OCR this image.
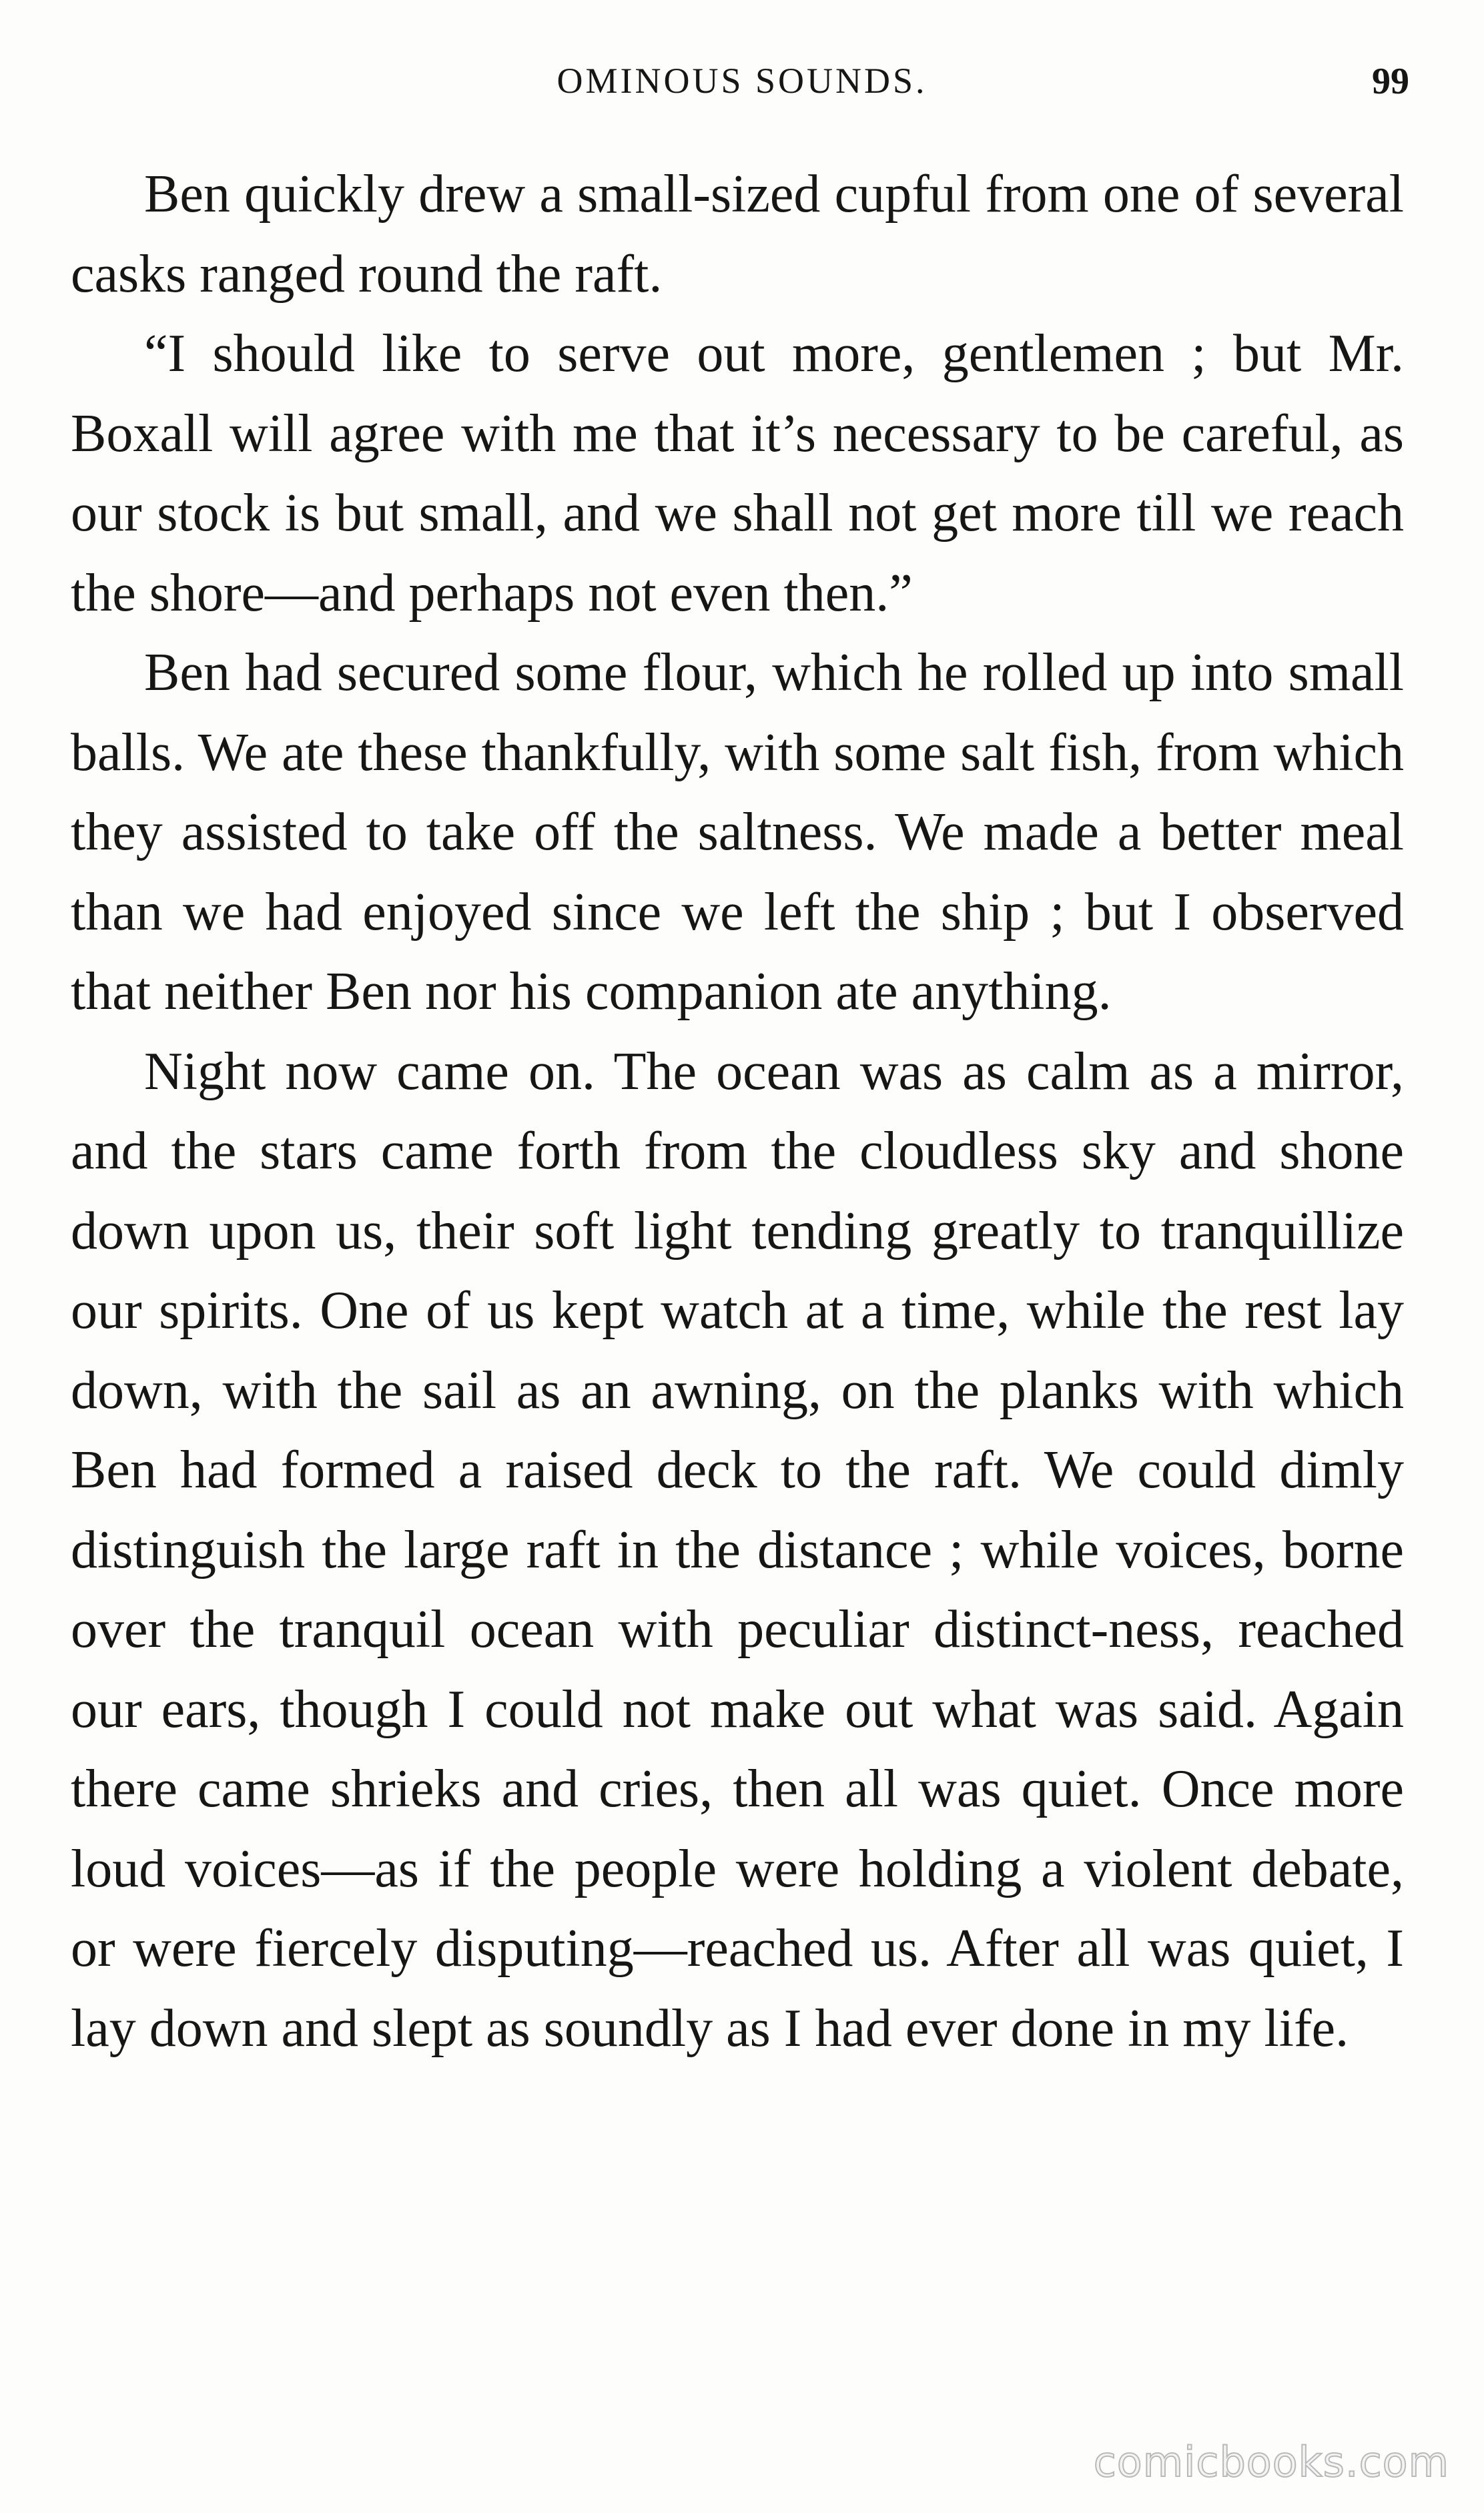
OMINOUS SOUNDS.	99

Ben quickly drew a small-sized cupful from one of several casks ranged round the raft.

“I should like to serve out more, gentlemen ; but Mr. Boxall will agree with me that it’s necessary to be careful, as our stock is but small, and we shall not get more till we reach the shore—and perhaps not even then.”

Ben had secured some flour, which he rolled up into small balls. We ate these thankfully, with some salt fish, from which they assisted to take off the saltness. We made a better meal than we had enjoyed since we left the ship ; but I observed that neither Ben nor his companion ate anything.

Night now came on. The ocean was as calm as a mirror, and the stars came forth from the cloudless sky and shone down upon us, their soft light tending greatly to tranquillize our spirits. One of us kept watch at a time, while the rest lay down, with the sail as an awning, on the planks with which Ben had formed a raised deck to the raft. We could dimly distinguish the large raft in the distance ; while voices, borne over the tranquil ocean with peculiar distinct-ness, reached our ears, though I could not make out what was said. Again there came shrieks and cries, then all was quiet. Once more loud voices—as if the people were holding a violent debate, or were fiercely disputing—reached us. After all was quiet, I lay down and slept as soundly as I had ever done in my life.

comicbooks.com
